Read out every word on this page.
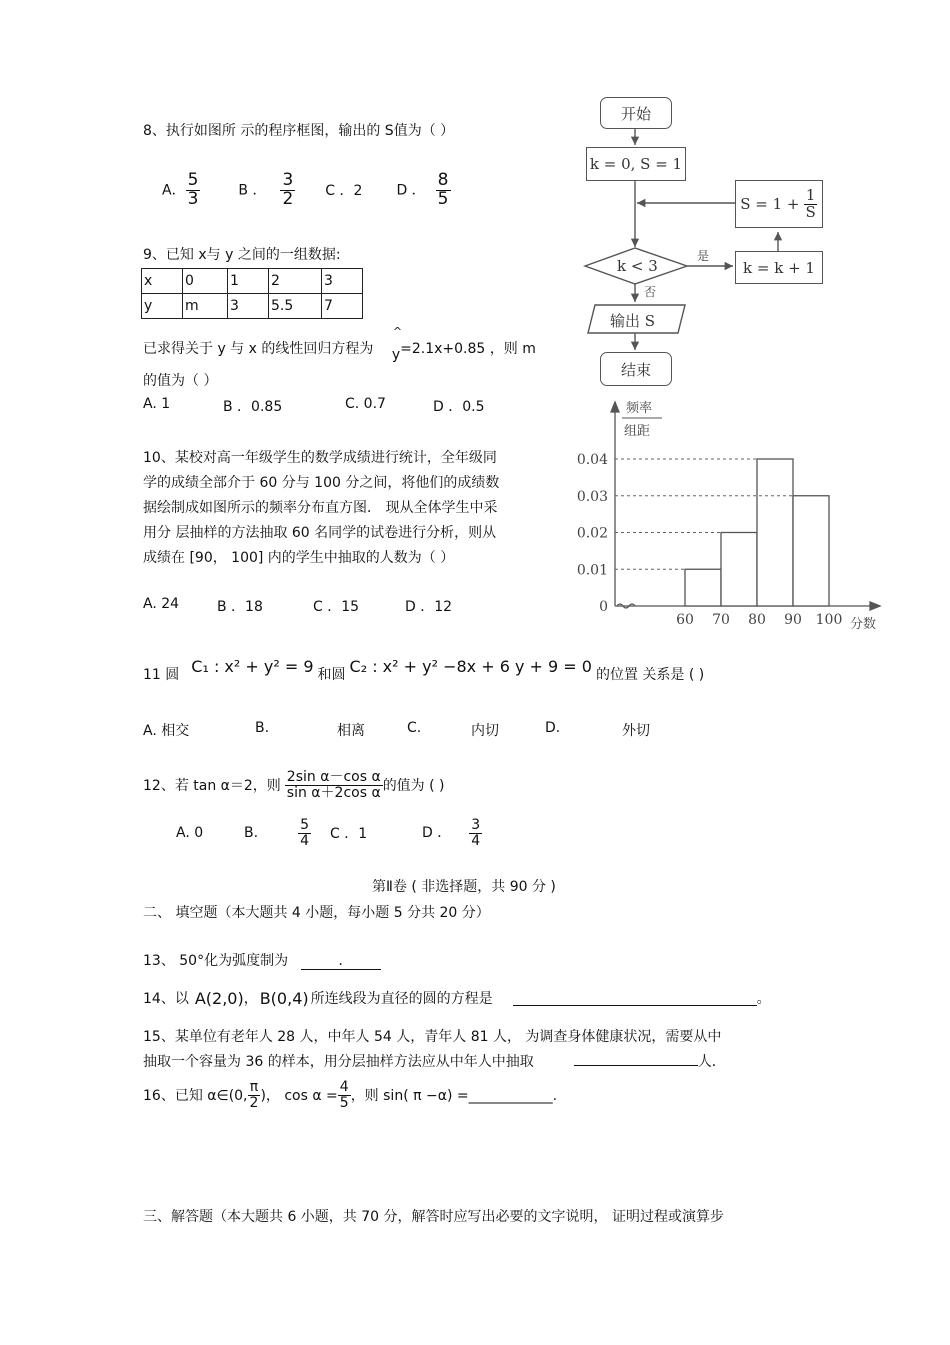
8、执行如图所 示的程序框图，输出的 S值为（ ）
A． $\frac{5}{3}$	B ． $\frac{3}{2}$ C ．2 D ． $\frac{8}{5}$
9、已知 x与 y 之间的一组数据:
x	0	1	2	3
y	m	3	5.5	7
已求得关于 y 与 x 的线性回归方程为
^
y=2.1x+0.85 ，则 m
的值为（ ）
A. 1	B ．0.85	C. 0.7	D ．0.5
10、某校对高一年级学生的数学成绩进行统计，全年级同
学的成绩全部介于 60 分与 100 分之间，将他们的成绩数
据绘制成如图所示的频率分布直方图． 现从全体学生中采
用分 层抽样的方法抽取 60 名同学的试卷进行分析，则从
成绩在 [90， 100] 内的学生中抽取的人数为（ ）
A. 24	B ．18	C ．15	D ．12
11 圆 C₁ : x² + y² = 9 和圆 C₂ : x² + y² −8x + 6 y + 9 = 0 的位置 关系是 ( )
A. 相交	B.	相离	C.	内切	D.	外切
12、若 tan α＝2，则 $\frac{\text{2sin α－cos α}}{\text{sin α＋2cos α}}$ 的值为 ( )
A. 0	B.	$\frac{5}{4}$ C ．1	D ． $\frac{3}{4}$
第Ⅱ卷 ( 非选择题，共 90 分 )
二、 填空题（本大题共 4 小题，每小题 5 分共 20 分）
13、 50°化为弧度制为	.
14、以 A(2,0) ， B(0,4) 所连线段为直径的圆的方程是	。
15、某单位有老年人 28 人，中年人 54 人，青年人 81 人， 为调查身体健康状况，需要从中
抽取一个容量为 36 的样本，用分层抽样方法应从中年人中抽取	人．
16、已知 α∈(0, $\frac{\pi}{2}$ )， $\cos \alpha = \frac{4}{5}$ ，则 sin( π −α) =____________.
三、解答题（本大题共 6 小题，共 70 分，解答时应写出必要的文字说明， 证明过程或演算步
开始
k = 0, S = 1
$S = 1 + \frac{1}{S}$
k < 3
是
k = k + 1
否
输出 S
结束
0
0.01
0.02
0.03
0.04
60 70 80 90 100
频率
组距
分数
